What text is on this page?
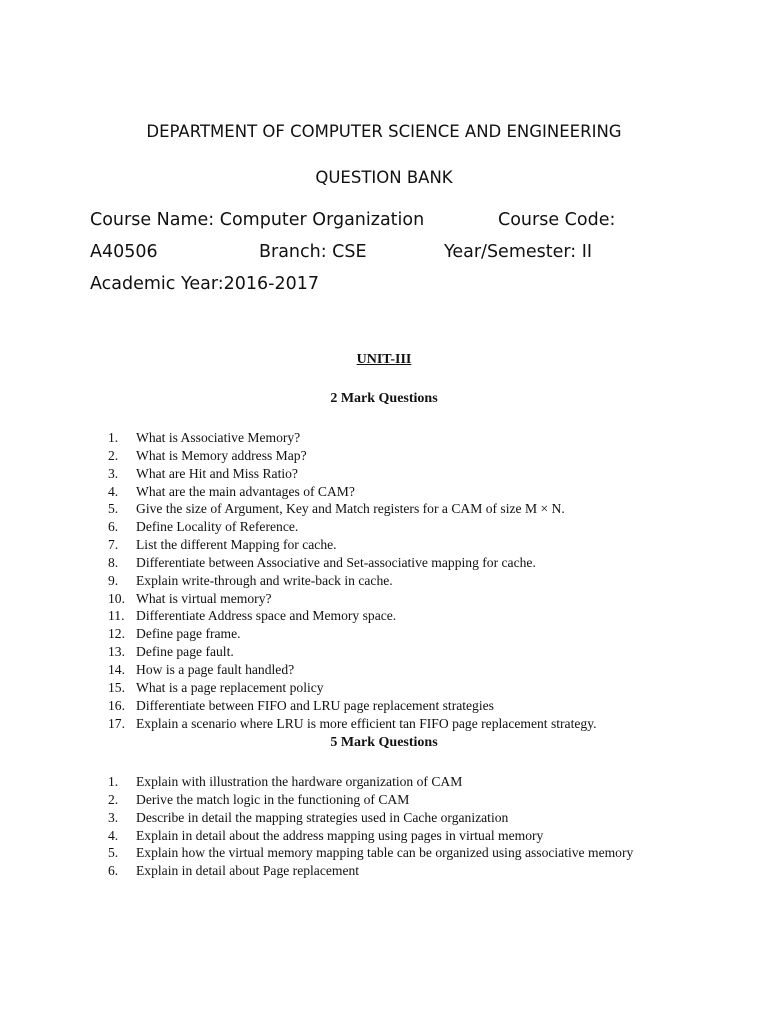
DEPARTMENT OF COMPUTER SCIENCE AND ENGINEERING
QUESTION BANK
Course Name: Computer Organization	Course Code:
A40506	Branch: CSE	Year/Semester: II
Academic Year:2016-2017
UNIT-III
2 Mark Questions
1.	What is Associative Memory?
2.	What is Memory address Map?
3.	What are Hit and Miss Ratio?
4.	What are the main advantages of CAM?
5.	Give the size of Argument, Key and Match registers for a CAM of size M × N.
6.	Define Locality of Reference.
7.	List the different Mapping for cache.
8.	Differentiate between Associative and Set-associative mapping for cache.
9.	Explain write-through and write-back in cache.
10. What is virtual memory?
11. Differentiate Address space and Memory space.
12. Define page frame.
13. Define page fault.
14. How is a page fault handled?
15. What is a page replacement policy
16. Differentiate between FIFO and LRU page replacement strategies
17. Explain a scenario where LRU is more efficient tan FIFO page replacement strategy.
5 Mark Questions
1.	Explain with illustration the hardware organization of CAM
2.	Derive the match logic in the functioning of CAM
3.	Describe in detail the mapping strategies used in Cache organization
4.	Explain in detail about the address mapping using pages in virtual memory
5.	Explain how the virtual memory mapping table can be organized using associative memory
6.	Explain in detail about Page replacement
